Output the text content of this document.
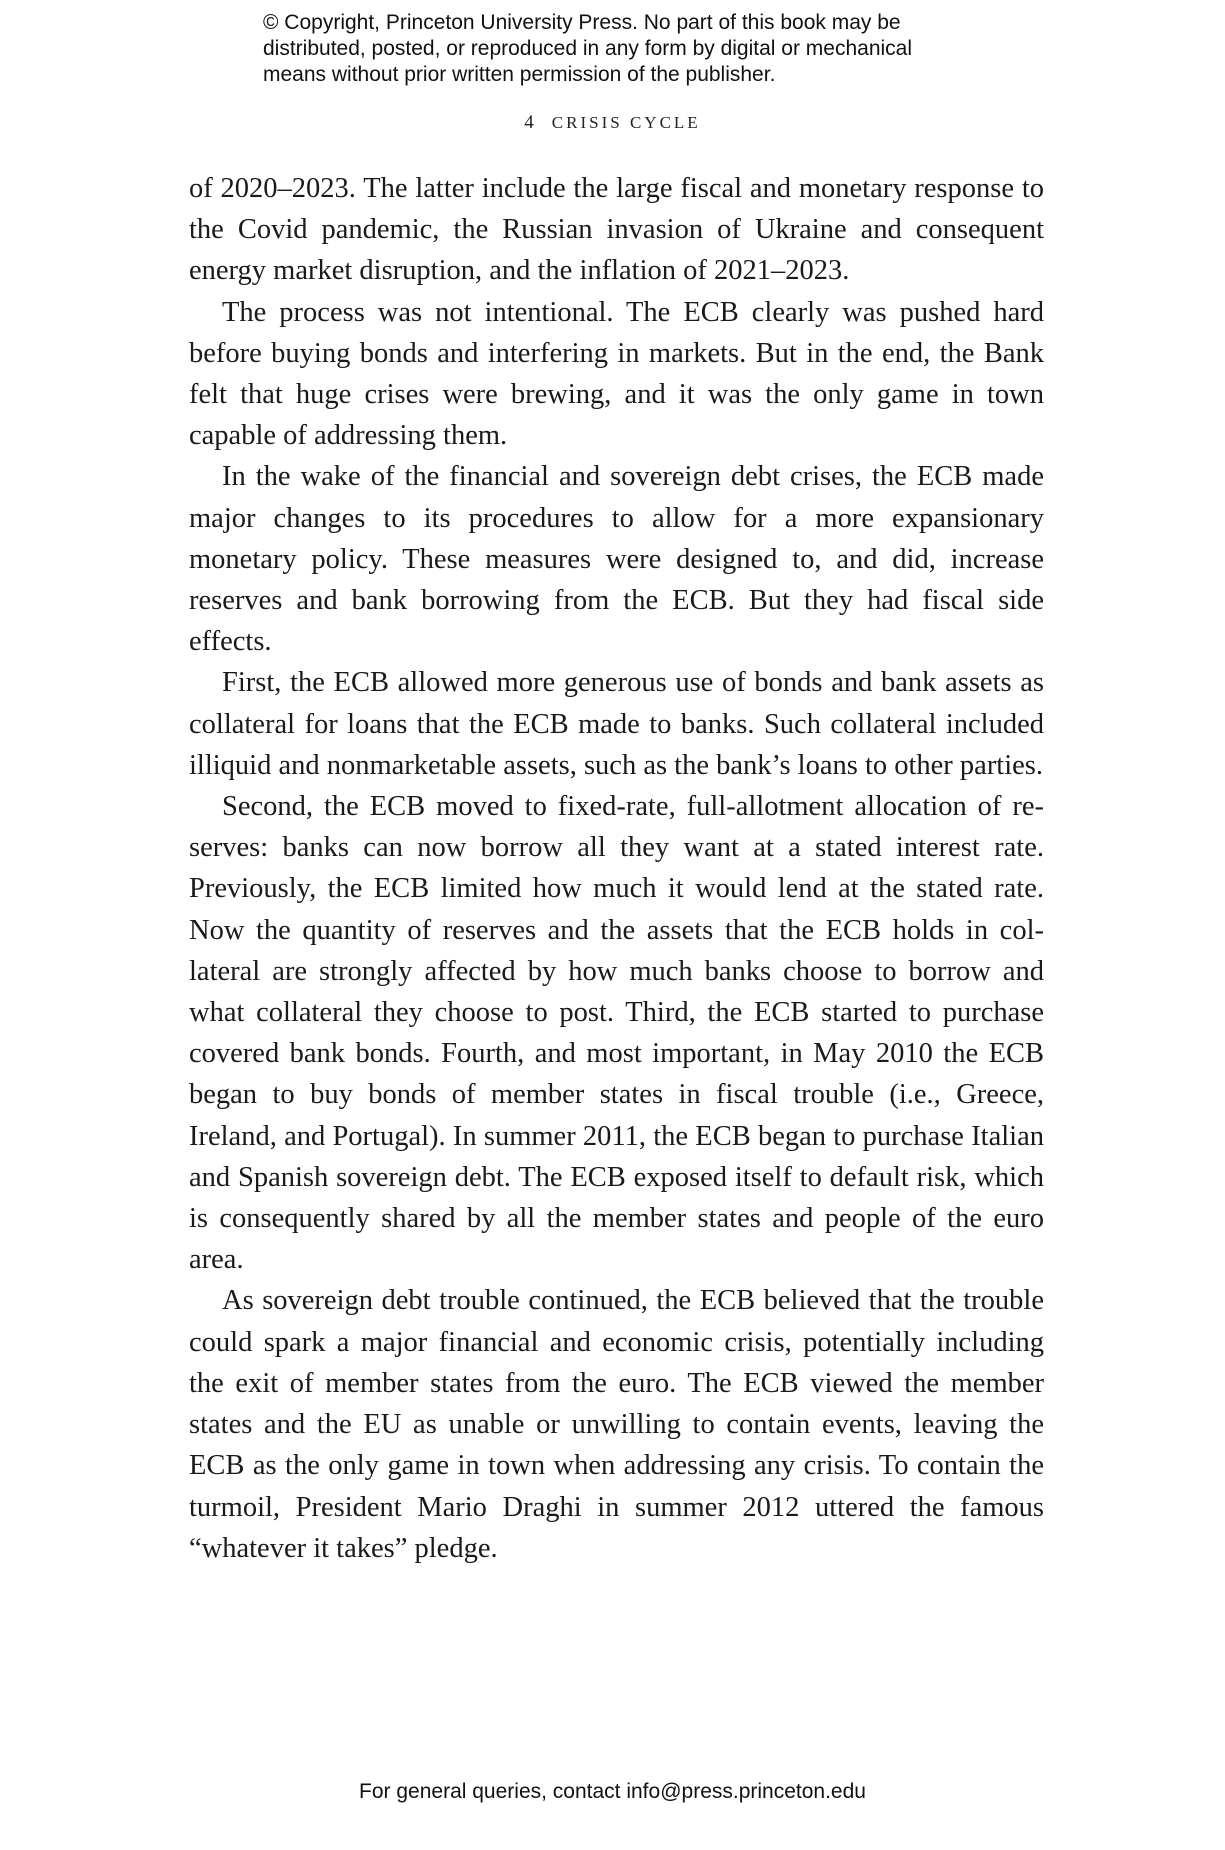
© Copyright, Princeton University Press. No part of this book may be
distributed, posted, or reproduced in any form by digital or mechanical
means without prior written permission of the publisher.
4 CRISIS CYCLE

of 2020–2023. The latter include the large fiscal and monetary response to the Covid pandemic, the Russian invasion of Ukraine and consequent energy market disruption, and the inflation of 2021–2023.

The process was not intentional. The ECB clearly was pushed hard before buying bonds and interfering in markets. But in the end, the Bank felt that huge crises were brewing, and it was the only game in town capable of addressing them.

In the wake of the financial and sovereign debt crises, the ECB made major changes to its procedures to allow for a more expansionary monetary policy. These measures were designed to, and did, increase reserves and bank borrowing from the ECB. But they had fiscal side effects.

First, the ECB allowed more generous use of bonds and bank assets as collateral for loans that the ECB made to banks. Such collateral included illiquid and nonmarketable assets, such as the bank’s loans to other parties.

Second, the ECB moved to fixed-rate, full-allotment allocation of reserves: banks can now borrow all they want at a stated interest rate. Previously, the ECB limited how much it would lend at the stated rate. Now the quantity of reserves and the assets that the ECB holds in collateral are strongly affected by how much banks choose to borrow and what collateral they choose to post. Third, the ECB started to purchase covered bank bonds. Fourth, and most important, in May 2010 the ECB began to buy bonds of member states in fiscal trouble (i.e., Greece, Ireland, and Portugal). In summer 2011, the ECB began to purchase Italian and Spanish sovereign debt. The ECB exposed itself to default risk, which is consequently shared by all the member states and people of the euro area.

As sovereign debt trouble continued, the ECB believed that the trouble could spark a major financial and economic crisis, potentially including the exit of member states from the euro. The ECB viewed the member states and the EU as unable or unwilling to contain events, leaving the ECB as the only game in town when addressing any crisis. To contain the turmoil, President Mario Draghi in summer 2012 uttered the famous “whatever it takes” pledge.

For general queries, contact info@press.princeton.edu
